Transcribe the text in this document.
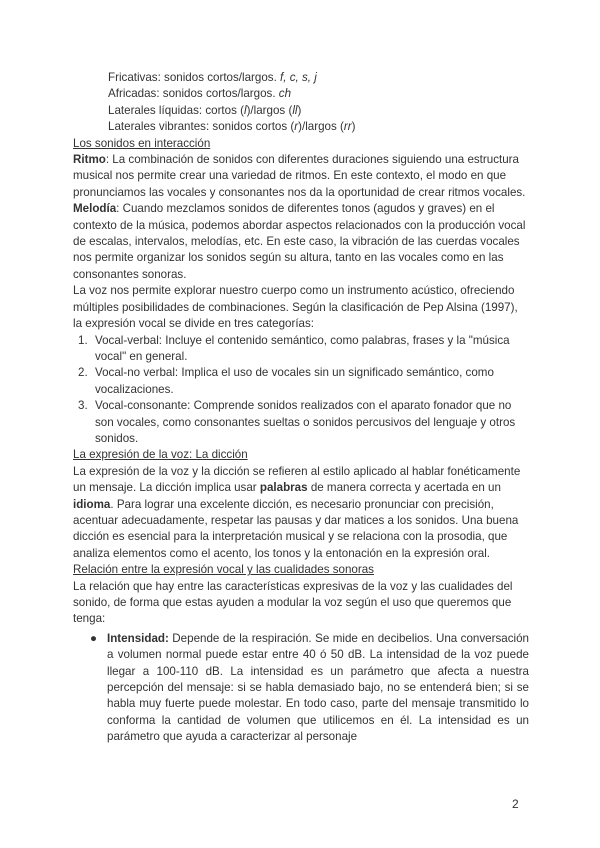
Fricativas: sonidos cortos/largos. f, c, s, j
Africadas: sonidos cortos/largos. ch
Laterales líquidas: cortos (l)/largos (ll)
Laterales vibrantes: sonidos cortos (r)/largos (rr)
Los sonidos en interacción
Ritmo: La combinación de sonidos con diferentes duraciones siguiendo una estructura musical nos permite crear una variedad de ritmos. En este contexto, el modo en que pronunciamos las vocales y consonantes nos da la oportunidad de crear ritmos vocales.
Melodía: Cuando mezclamos sonidos de diferentes tonos (agudos y graves) en el contexto de la música, podemos abordar aspectos relacionados con la producción vocal de escalas, intervalos, melodías, etc. En este caso, la vibración de las cuerdas vocales nos permite organizar los sonidos según su altura, tanto en las vocales como en las consonantes sonoras.
La voz nos permite explorar nuestro cuerpo como un instrumento acústico, ofreciendo múltiples posibilidades de combinaciones. Según la clasificación de Pep Alsina (1997), la expresión vocal se divide en tres categorías:
1. Vocal-verbal: Incluye el contenido semántico, como palabras, frases y la "música vocal" en general.
2. Vocal-no verbal: Implica el uso de vocales sin un significado semántico, como vocalizaciones.
3. Vocal-consonante: Comprende sonidos realizados con el aparato fonador que no son vocales, como consonantes sueltas o sonidos percusivos del lenguaje y otros sonidos.
La expresión de la voz: La dicción
La expresión de la voz y la dicción se refieren al estilo aplicado al hablar fonéticamente un mensaje. La dicción implica usar palabras de manera correcta y acertada en un idioma. Para lograr una excelente dicción, es necesario pronunciar con precisión, acentuar adecuadamente, respetar las pausas y dar matices a los sonidos. Una buena dicción es esencial para la interpretación musical y se relaciona con la prosodia, que analiza elementos como el acento, los tonos y la entonación en la expresión oral.
Relación entre la expresión vocal y las cualidades sonoras
La relación que hay entre las características expresivas de la voz y las cualidades del sonido, de forma que estas ayuden a modular la voz según el uso que queremos que tenga:
● Intensidad: Depende de la respiración. Se mide en decibelios. Una conversación a volumen normal puede estar entre 40 ó 50 dB. La intensidad de la voz puede llegar a 100-110 dB. La intensidad es un parámetro que afecta a nuestra percepción del mensaje: si se habla demasiado bajo, no se entenderá bien; si se habla muy fuerte puede molestar. En todo caso, parte del mensaje transmitido lo conforma la cantidad de volumen que utilicemos en él. La intensidad es un parámetro que ayuda a caracterizar al personaje
2
